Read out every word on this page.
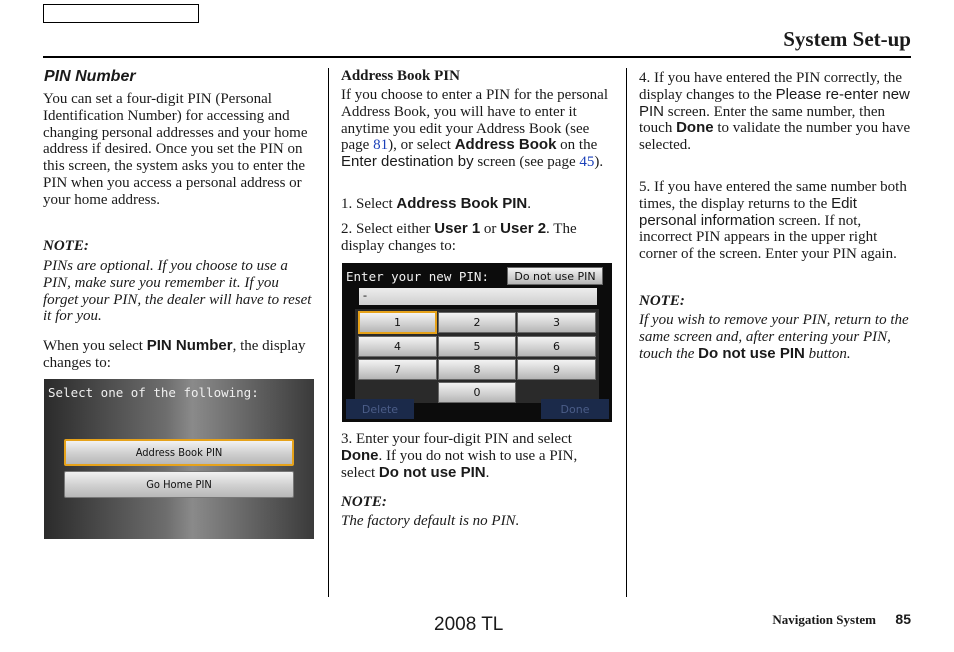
System Set-up
PIN Number
You can set a four-digit PIN (Personal Identification Number) for accessing and changing personal addresses and your home address if desired. Once you set the PIN on this screen, the system asks you to enter the PIN when you access a personal address or your home address.
NOTE:
PINs are optional. If you choose to use a PIN, make sure you remember it. If you forget your PIN, the dealer will have to reset it for you.
When you select PIN Number, the display changes to:
Select one of the following:
Address Book PIN
Go Home PIN
Address Book PIN
If you choose to enter a PIN for the personal Address Book, you will have to enter it anytime you edit your Address Book (see page 81), or select Address Book on the Enter destination by screen (see page 45).
1. Select Address Book PIN.
2. Select either User 1 or User 2. The display changes to:
Enter your new PIN:	Do not use PIN
-
1	2	3
4	5	6
7	8	9
0
Delete	Done
3. Enter your four-digit PIN and select Done. If you do not wish to use a PIN, select Do not use PIN.
NOTE:
The factory default is no PIN.
4. If you have entered the PIN correctly, the display changes to the Please re-enter new PIN screen. Enter the same number, then touch Done to validate the number you have selected.
5. If you have entered the same number both times, the display returns to the Edit personal information screen. If not, incorrect PIN appears in the upper right corner of the screen. Enter your PIN again.
NOTE:
If you wish to remove your PIN, return to the same screen and, after entering your PIN, touch the Do not use PIN button.
2008 TL	Navigation System 85
